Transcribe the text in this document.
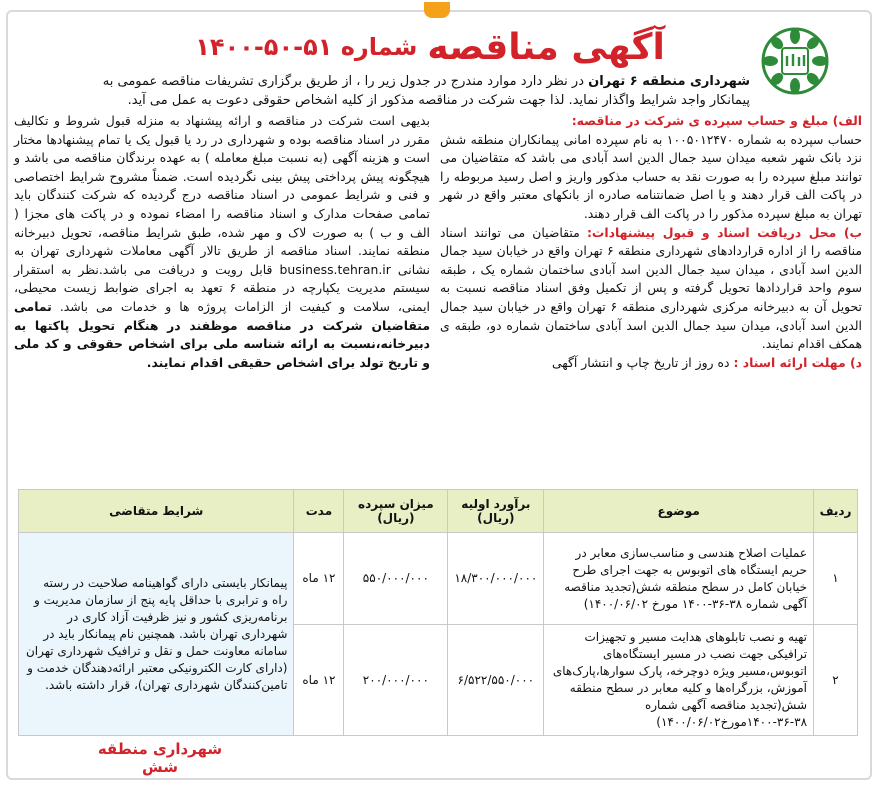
آگهی مناقصه
شماره ۵۱-۵۰-۱۴۰۰
شهرداری منطقه ۶ تهران در نظر دارد موارد مندرج در جدول زیر را ، از طریق برگزاری تشریفات مناقصه عمومی به پیمانکار واجد شرایط واگذار نماید. لذا جهت شرکت در مناقصه مذکور از کلیه اشخاص حقوقی دعوت به عمل می آید.
الف) مبلغ و حساب سپرده ی شرکت در مناقصه:
حساب سپرده به شماره ۱۰۰۵۰۱۲۴۷۰ به نام سپرده امانی پیمانکاران منطقه شش نزد بانک شهر شعبه میدان سید جمال الدین اسد آبادی می باشد که متقاضیان می توانند مبلغ سپرده را به صورت نقد به حساب مذکور واریز و اصل رسید مربوطه را در پاکت الف قرار دهند و یا اصل ضمانتنامه صادره از بانکهای معتبر واقع در شهر تهران به مبلغ سپرده مذکور را در پاکت الف قرار دهند.
ب) محل دریافت اسناد و قبول پیشنهادات: متقاضیان می توانند اسناد مناقصه را از اداره قراردادهای شهرداری منطقه ۶ تهران واقع در خیابان سید جمال الدین اسد آبادی ، میدان سید جمال الدین اسد آبادی ساختمان شماره یک ، طبقه سوم واحد قراردادها تحویل گرفته و پس از تکمیل وفق اسناد مناقصه نسبت به تحویل آن به دبیرخانه مرکزی شهرداری منطقه ۶ تهران واقع در خیابان سید جمال الدین اسد آبادی، میدان سید جمال الدین اسد آبادی ساختمان شماره دو، طبقه ی همکف اقدام نمایند.
د) مهلت ارائه اسناد : ده روز از تاریخ چاپ و انتشار آگهی
بدیهی است شرکت در مناقصه و ارائه پیشنهاد به منزله قبول شروط و تکالیف مقرر در اسناد مناقصه بوده و شهرداری در رد یا قبول یک یا تمام پیشنهادها مختار است و هزینه آگهی (به نسبت مبلغ معامله ) به عهده برندگان مناقصه می باشد و هیچگونه پیش پرداختی پیش بینی نگردیده است. ضمناً مشروح شرایط اختصاصی و فنی و شرایط عمومی در اسناد مناقصه درج گردیده که شرکت کنندگان باید تمامی صفحات مدارک و اسناد مناقصه را امضاء نموده و در پاکت های مجزا ( الف و ب ) به صورت لاک و مهر شده، طبق شرایط مناقصه، تحویل دبیرخانه منطقه نمایند. اسناد مناقصه از طریق تالار آگهی معاملات شهرداری تهران به نشانی business.tehran.ir قابل رویت و دریافت می باشد.نظر به استقرار سیستم مدیریت یکپارچه در منطقه ۶ تعهد به اجرای ضوابط زیست محیطی، ایمنی، سلامت و کیفیت از الزامات پروژه ها و خدمات می باشد. تمامی متقاضیان شرکت در مناقصه موظفند در هنگام تحویل پاکتها به دبیرخانه،نسبت به ارائه شناسه ملی برای اشخاص حقوقی و کد ملی و تاریخ تولد برای اشخاص حقیقی اقدام نمایند.
ردیف	موضوع	برآورد اولیه (ریال)	میزان سپرده (ریال)	مدت	شرایط متقاضی
۱	عملیات اصلاح هندسی و مناسب‌سازی معابر در حریم ایستگاه های اتوبوس به جهت اجرای طرح خیابان کامل در سطح منطقه شش(تجدید مناقصه آگهی شماره ۳۸-۳۶-۱۴۰۰ مورخ ۱۴۰۰/۰۶/۰۲)	۱۸/۳۰۰/۰۰۰/۰۰۰	۵۵۰/۰۰۰/۰۰۰	۱۲ ماه	پیمانکار بایستی دارای گواهینامه صلاحیت در رسته راه و ترابری با حداقل پایه پنج از سازمان مدیریت و برنامه‌ریزی کشور و نیز ظرفیت آزاد کاری در شهرداری تهران باشد. همچنین نام پیمانکار باید در سامانه معاونت حمل و نقل و ترافیک شهرداری تهران (دارای کارت الکترونیکی معتبر ارائه‌دهندگان خدمت و تامین‌کنندگان شهرداری تهران)، قرار داشته باشد.
۲	تهیه و نصب تابلوهای هدایت مسیر و تجهیزات ترافیکی جهت نصب در مسیر ایستگاه‌های اتوبوس،مسیر ویژه دوچرخه، پارک سوارها،پارک‌های آموزش، بزرگراه‌ها و کلیه معابر در سطح منطقه شش(تجدید مناقصه آگهی شماره ۳۸-۳۶-۱۴۰۰مورخ۱۴۰۰/۰۶/۰۲)	۶/۵۲۲/۵۵۰/۰۰۰	۲۰۰/۰۰۰/۰۰۰	۱۲ ماه	
شهرداری منطقه شش
